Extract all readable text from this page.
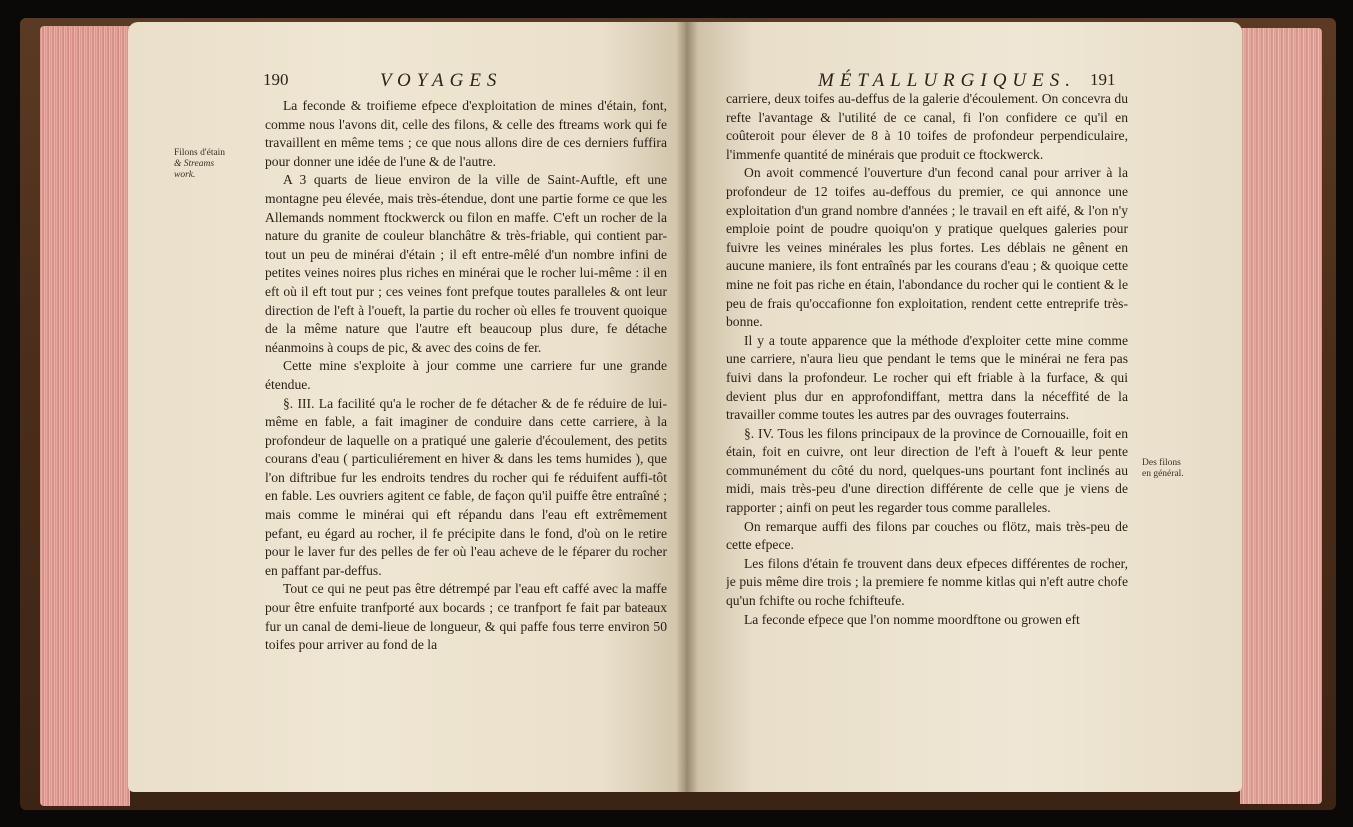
190	VOYAGES
Filons d'étain
& Streams
work.

La feconde & troifieme efpece d'exploitation de mines d'étain, font, comme nous l'avons dit, celle des filons, & celle des ftreams work qui fe travaillent en même tems ; ce que nous allons dire de ces derniers fuffira pour donner une idée de l'une & de l'autre.

A 3 quarts de lieue environ de la ville de Saint-Auftle, eft une montagne peu élevée, mais très-étendue, dont une partie forme ce que les Allemands nomment ftockwerck ou filon en maffe. C'eft un rocher de la nature du granite de couleur blanchâtre & très-friable, qui contient par-tout un peu de minérai d'étain ; il eft entre-mêlé d'un nombre infini de petites veines noires plus riches en minérai que le rocher lui-même : il en eft où il eft tout pur ; ces veines font prefque toutes paralleles & ont leur direction de l'eft à l'oueft, la partie du rocher où elles fe trouvent quoique de la même nature que l'autre eft beaucoup plus dure, fe détache néanmoins à coups de pic, & avec des coins de fer.

Cette mine s'exploite à jour comme une carriere fur une grande étendue.

§. III. La facilité qu'a le rocher de fe détacher & de fe réduire de lui-même en fable, a fait imaginer de conduire dans cette carriere, à la profondeur de laquelle on a pratiqué une galerie d'écoulement, des petits courans d'eau ( particuliérement en hiver & dans les tems humides ), que l'on diftribue fur les endroits tendres du rocher qui fe réduifent auffi-tôt en fable. Les ouvriers agitent ce fable, de façon qu'il puiffe être entraîné ; mais comme le minérai qui eft répandu dans l'eau eft extrêmement pefant, eu égard au rocher, il fe précipite dans le fond, d'où on le retire pour le laver fur des pelles de fer où l'eau acheve de le féparer du rocher en paffant par-deffus.

Tout ce qui ne peut pas être détrempé par l'eau eft caffé avec la maffe pour être enfuite tranfporté aux bocards ; ce tranfport fe fait par bateaux fur un canal de demi-lieue de longueur, & qui paffe fous terre environ 50 toifes pour arriver au fond de la

MÉTALLURGIQUES. 191
Des filons
en général.

carriere, deux toifes au-deffus de la galerie d'écoulement. On concevra du refte l'avantage & l'utilité de ce canal, fi l'on confidere ce qu'il en coûteroit pour élever de 8 à 10 toifes de profondeur perpendiculaire, l'immenfe quantité de minérais que produit ce ftockwerck.

On avoit commencé l'ouverture d'un fecond canal pour arriver à la profondeur de 12 toifes au-deffous du premier, ce qui annonce une exploitation d'un grand nombre d'années ; le travail en eft aifé, & l'on n'y emploie point de poudre quoiqu'on y pratique quelques galeries pour fuivre les veines minérales les plus fortes. Les déblais ne gênent en aucune maniere, ils font entraînés par les courans d'eau ; & quoique cette mine ne foit pas riche en étain, l'abondance du rocher qui le contient & le peu de frais qu'occafionne fon exploitation, rendent cette entreprife très-bonne.

Il y a toute apparence que la méthode d'exploiter cette mine comme une carriere, n'aura lieu que pendant le tems que le minérai ne fera pas fuivi dans la profondeur. Le rocher qui eft friable à la furface, & qui devient plus dur en approfondiffant, mettra dans la néceffité de la travailler comme toutes les autres par des ouvrages fouterrains.

§. IV. Tous les filons principaux de la province de Cornouaille, foit en étain, foit en cuivre, ont leur direction de l'eft à l'oueft & leur pente communément du côté du nord, quelques-uns pourtant font inclinés au midi, mais très-peu d'une direction différente de celle que je viens de rapporter ; ainfi on peut les regarder tous comme paralleles.

On remarque auffi des filons par couches ou flötz, mais très-peu de cette efpece.

Les filons d'étain fe trouvent dans deux efpeces différentes de rocher, je puis même dire trois ; la premiere fe nomme kitlas qui n'eft autre chofe qu'un fchifte ou roche fchifteufe.

La feconde efpece que l'on nomme moordftone ou growen eft
